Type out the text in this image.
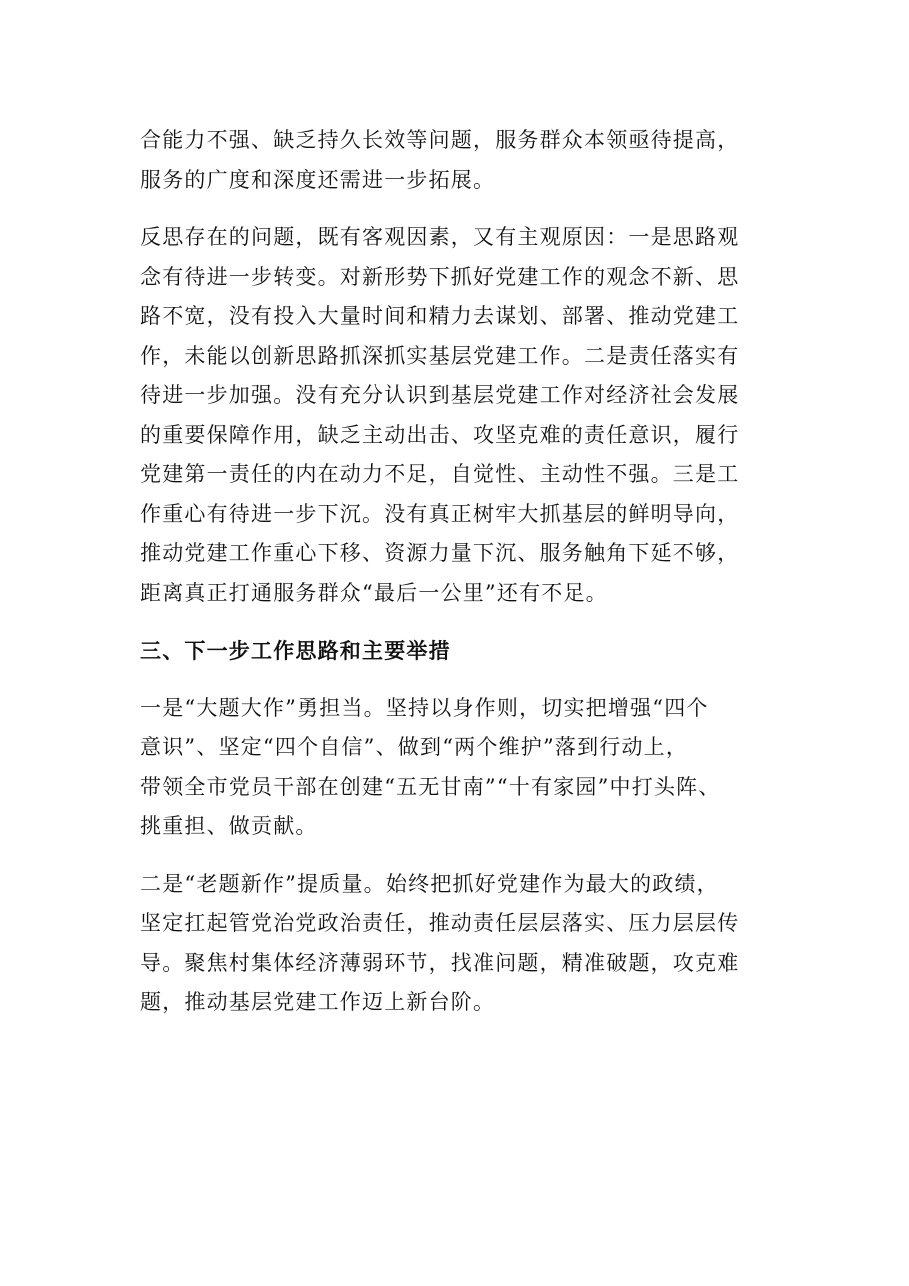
合能力不强、缺乏持久长效等问题，服务群众本领亟待提高，
服务的广度和深度还需进一步拓展。

反思存在的问题，既有客观因素，又有主观原因：一是思路观
念有待进一步转变。对新形势下抓好党建工作的观念不新、思
路不宽，没有投入大量时间和精力去谋划、部署、推动党建工
作，未能以创新思路抓深抓实基层党建工作。二是责任落实有
待进一步加强。没有充分认识到基层党建工作对经济社会发展
的重要保障作用，缺乏主动出击、攻坚克难的责任意识，履行
党建第一责任的内在动力不足，自觉性、主动性不强。三是工
作重心有待进一步下沉。没有真正树牢大抓基层的鲜明导向，
推动党建工作重心下移、资源力量下沉、服务触角下延不够，
距离真正打通服务群众“最后一公里”还有不足。

三、下一步工作思路和主要举措

一是“大题大作”勇担当。坚持以身作则，切实把增强“四个
意识”、坚定“四个自信”、做到“两个维护”落到行动上，
带领全市党员干部在创建“五无甘南”“十有家园”中打头阵、
挑重担、做贡献。

二是“老题新作”提质量。始终把抓好党建作为最大的政绩，
坚定扛起管党治党政治责任，推动责任层层落实、压力层层传
导。聚焦村集体经济薄弱环节，找准问题，精准破题，攻克难
题，推动基层党建工作迈上新台阶。
